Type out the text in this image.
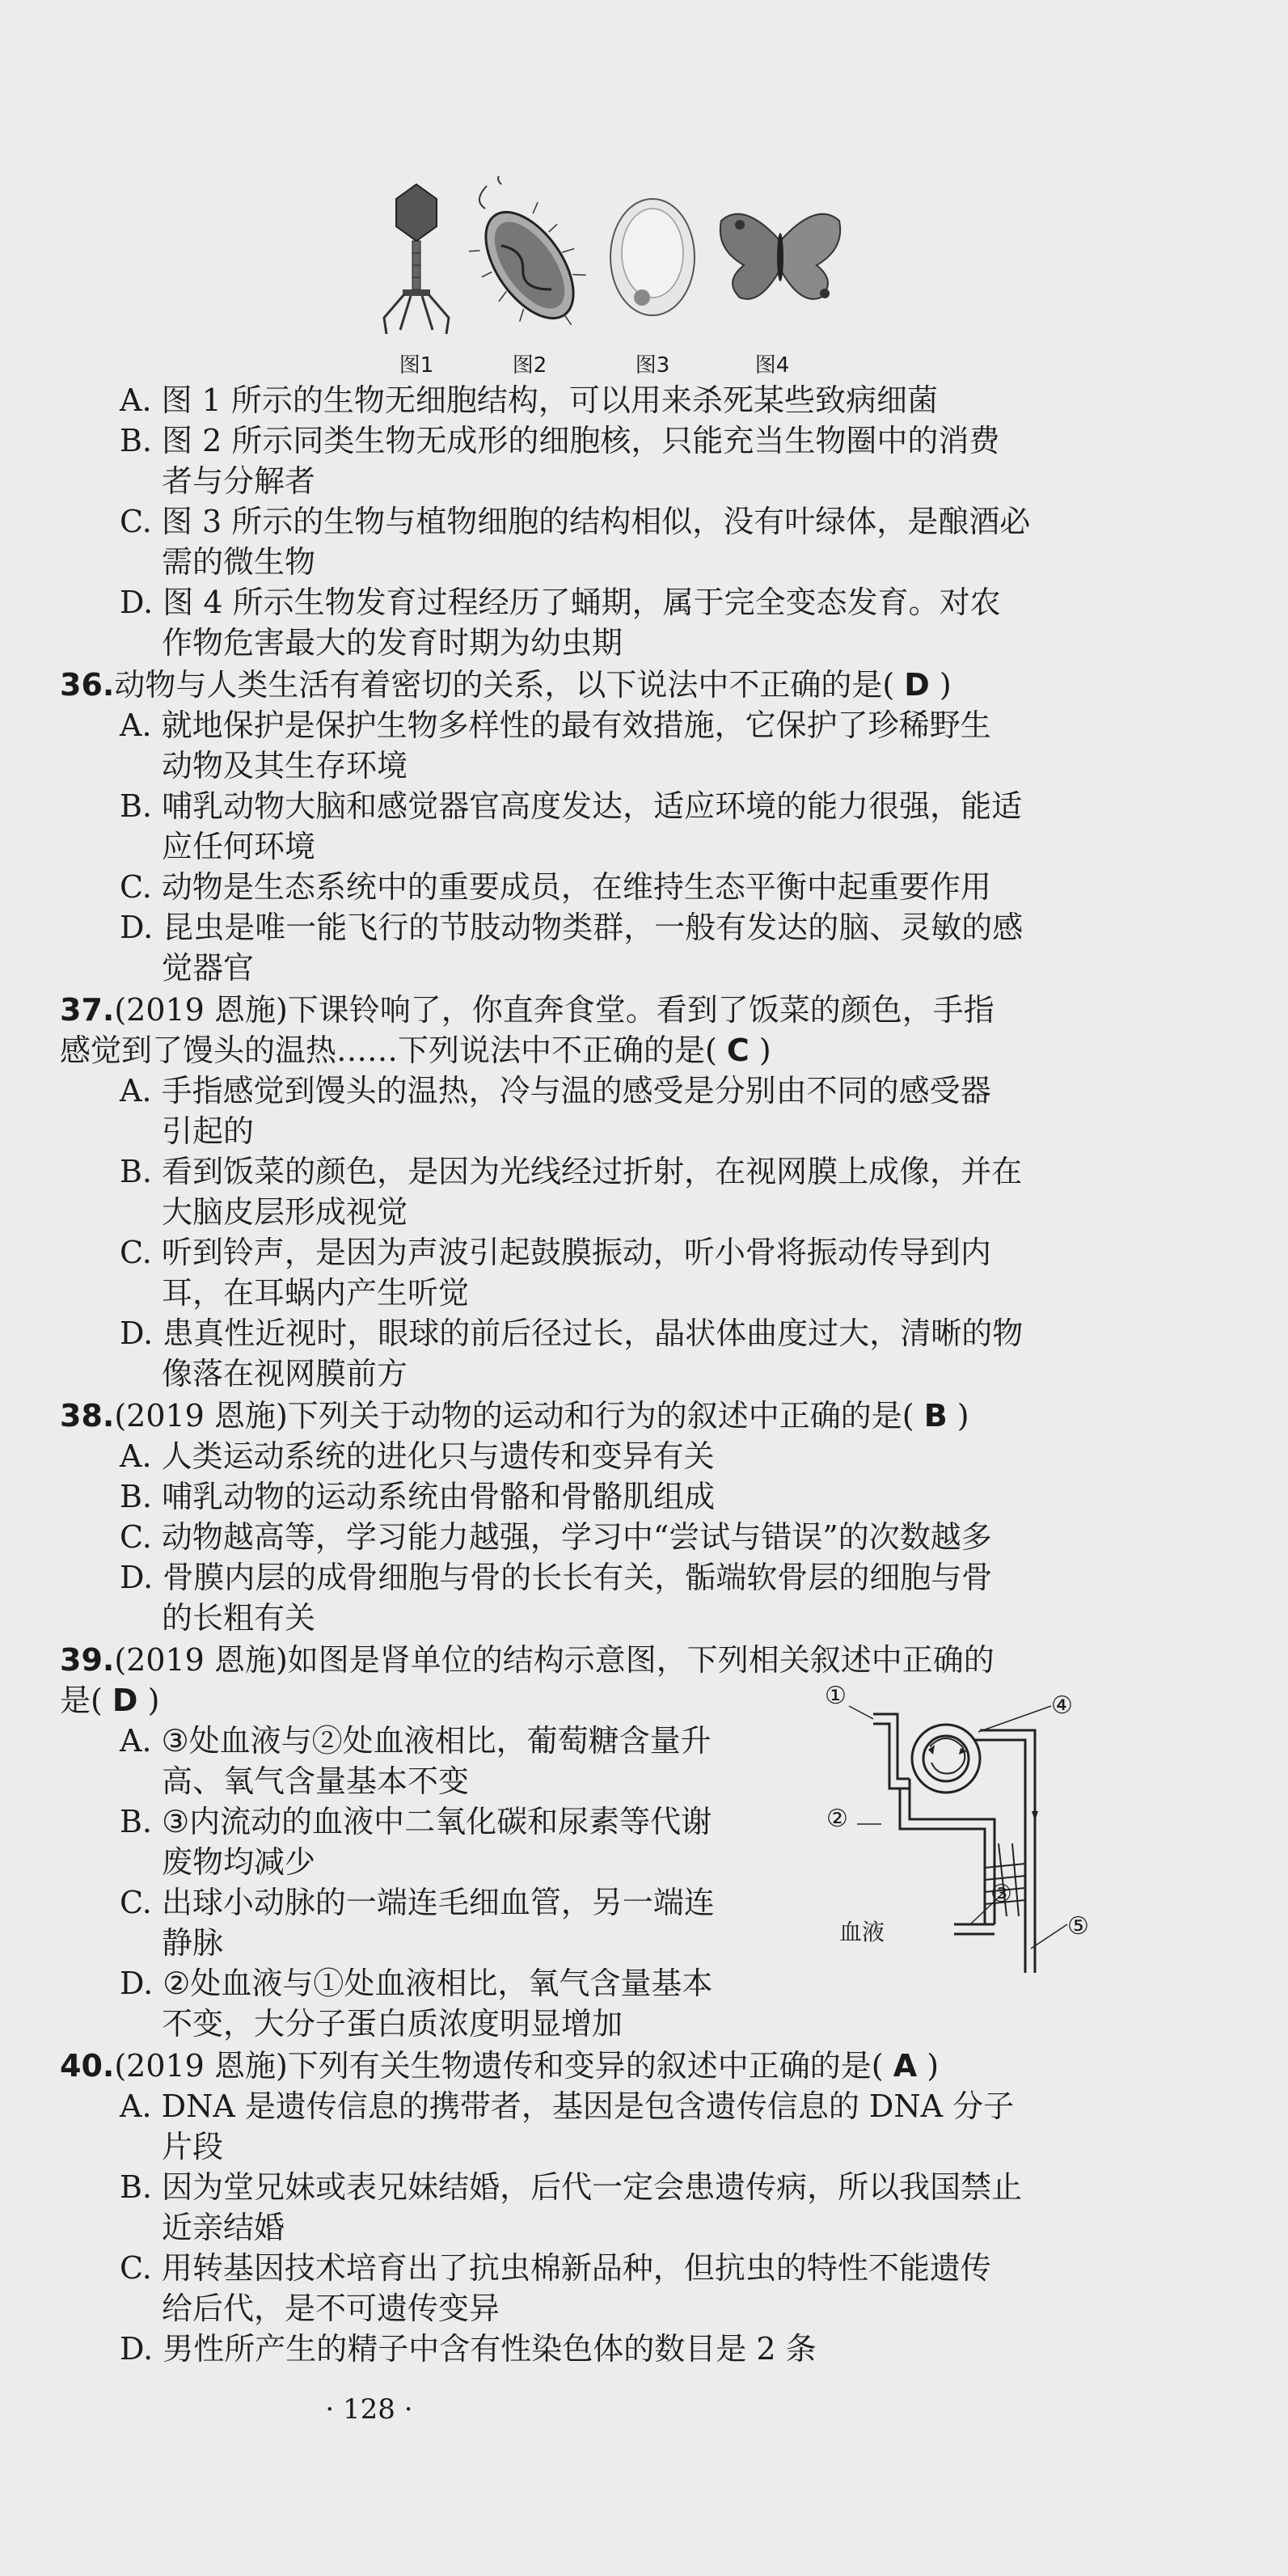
图1	图2	图3	图4
A. 图 1 所示的生物无细胞结构，可以用来杀死某些致病细菌
B. 图 2 所示同类生物无成形的细胞核，只能充当生物圈中的消费
者与分解者
C. 图 3 所示的生物与植物细胞的结构相似，没有叶绿体，是酿酒必
需的微生物
D. 图 4 所示生物发育过程经历了蛹期，属于完全变态发育。对农
作物危害最大的发育时期为幼虫期
36.动物与人类生活有着密切的关系，以下说法中不正确的是( D )
A. 就地保护是保护生物多样性的最有效措施，它保护了珍稀野生
动物及其生存环境
B. 哺乳动物大脑和感觉器官高度发达，适应环境的能力很强，能适
应任何环境
C. 动物是生态系统中的重要成员，在维持生态平衡中起重要作用
D. 昆虫是唯一能飞行的节肢动物类群，一般有发达的脑、灵敏的感
觉器官
37.(2019 恩施)下课铃响了，你直奔食堂。看到了饭菜的颜色，手指
感觉到了馒头的温热……下列说法中不正确的是( C )
A. 手指感觉到馒头的温热，冷与温的感受是分别由不同的感受器
引起的
B. 看到饭菜的颜色，是因为光线经过折射，在视网膜上成像，并在
大脑皮层形成视觉
C. 听到铃声，是因为声波引起鼓膜振动，听小骨将振动传导到内
耳，在耳蜗内产生听觉
D. 患真性近视时，眼球的前后径过长，晶状体曲度过大，清晰的物
像落在视网膜前方
38.(2019 恩施)下列关于动物的运动和行为的叙述中正确的是( B )
A. 人类运动系统的进化只与遗传和变异有关
B. 哺乳动物的运动系统由骨骼和骨骼肌组成
C. 动物越高等，学习能力越强，学习中“尝试与错误”的次数越多
D. 骨膜内层的成骨细胞与骨的长长有关，骺端软骨层的细胞与骨
的长粗有关
39.(2019 恩施)如图是肾单位的结构示意图，下列相关叙述中正确的
是( D )
A. ③处血液与②处血液相比，葡萄糖含量升
高、氧气含量基本不变
B. ③内流动的血液中二氧化碳和尿素等代谢
废物均减少
C. 出球小动脉的一端连毛细血管，另一端连
静脉
D. ②处血液与①处血液相比，氧气含量基本
不变，大分子蛋白质浓度明显增加
①	④
②
③
⑤
血液
40.(2019 恩施)下列有关生物遗传和变异的叙述中正确的是( A )
A. DNA 是遗传信息的携带者，基因是包含遗传信息的 DNA 分子
片段
B. 因为堂兄妹或表兄妹结婚，后代一定会患遗传病，所以我国禁止
近亲结婚
C. 用转基因技术培育出了抗虫棉新品种，但抗虫的特性不能遗传
给后代，是不可遗传变异
D. 男性所产生的精子中含有性染色体的数目是 2 条
· 128 ·
